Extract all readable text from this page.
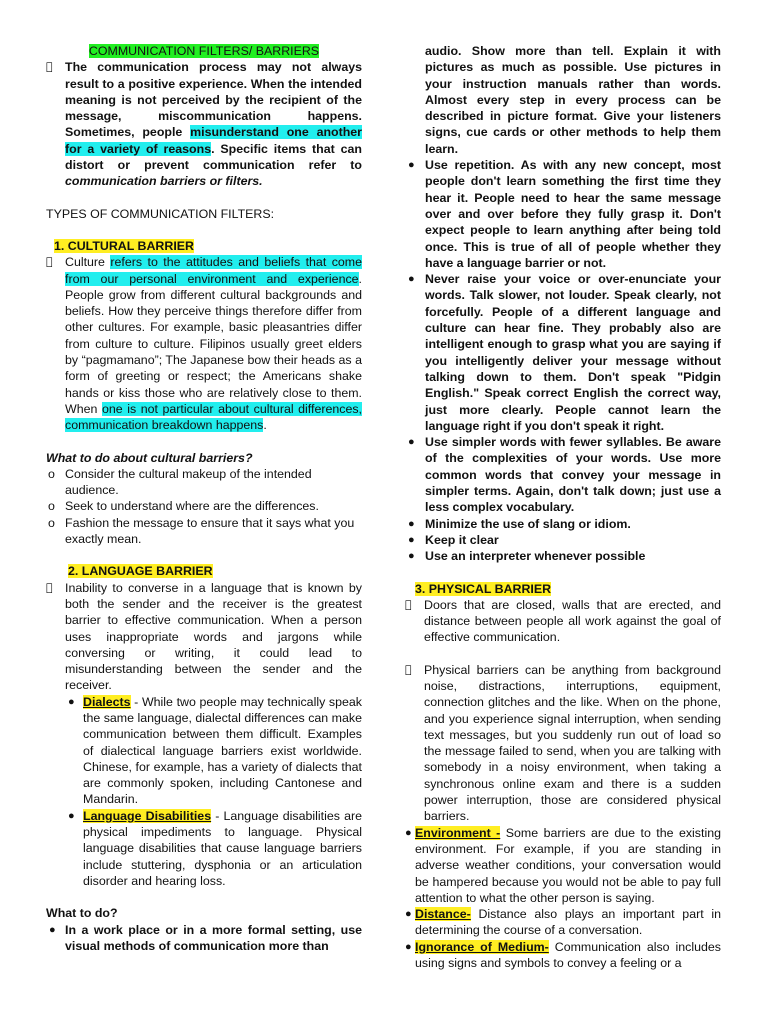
COMMUNICATION FILTERS/ BARRIERS
The communication process may not always result to a positive experience. When the intended meaning is not perceived by the recipient of the message, miscommunication happens. Sometimes, people misunderstand one another for a variety of reasons. Specific items that can distort or prevent communication refer to communication barriers or filters.
TYPES OF COMMUNICATION FILTERS:
1. CULTURAL BARRIER
Culture refers to the attitudes and beliefs that come from our personal environment and experience. People grow from different cultural backgrounds and beliefs. How they perceive things therefore differ from other cultures. For example, basic pleasantries differ from culture to culture. Filipinos usually greet elders by “pagmamano”; The Japanese bow their heads as a form of greeting or respect; the Americans shake hands or kiss those who are relatively close to them. When one is not particular about cultural differences, communication breakdown happens.
What to do about cultural barriers?
o Consider the cultural makeup of the intended audience.
o Seek to understand where are the differences.
o Fashion the message to ensure that it says what you exactly mean.
2. LANGUAGE BARRIER
Inability to converse in a language that is known by both the sender and the receiver is the greatest barrier to effective communication. When a person uses inappropriate words and jargons while conversing or writing, it could lead to misunderstanding between the sender and the receiver.
● Dialects - While two people may technically speak the same language, dialectal differences can make communication between them difficult. Examples of dialectical language barriers exist worldwide. Chinese, for example, has a variety of dialects that are commonly spoken, including Cantonese and Mandarin.
● Language Disabilities - Language disabilities are physical impediments to language. Physical language disabilities that cause language barriers include stuttering, dysphonia or an articulation disorder and hearing loss.
What to do?
● In a work place or in a more formal setting, use visual methods of communication more than
audio. Show more than tell. Explain it with pictures as much as possible. Use pictures in your instruction manuals rather than words. Almost every step in every process can be described in picture format. Give your listeners signs, cue cards or other methods to help them learn.
● Use repetition. As with any new concept, most people don't learn something the first time they hear it. People need to hear the same message over and over before they fully grasp it. Don't expect people to learn anything after being told once. This is true of all of people whether they have a language barrier or not.
● Never raise your voice or over-enunciate your words. Talk slower, not louder. Speak clearly, not forcefully. People of a different language and culture can hear fine. They probably also are intelligent enough to grasp what you are saying if you intelligently deliver your message without talking down to them. Don't speak "Pidgin English." Speak correct English the correct way, just more clearly. People cannot learn the language right if you don't speak it right.
● Use simpler words with fewer syllables. Be aware of the complexities of your words. Use more common words that convey your message in simpler terms. Again, don't talk down; just use a less complex vocabulary.
● Minimize the use of slang or idiom.
● Keep it clear
● Use an interpreter whenever possible
3. PHYSICAL BARRIER
Doors that are closed, walls that are erected, and distance between people all work against the goal of effective communication.
Physical barriers can be anything from background noise, distractions, interruptions, equipment, connection glitches and the like. When on the phone, and you experience signal interruption, when sending text messages, but you suddenly run out of load so the message failed to send, when you are talking with somebody in a noisy environment, when taking a synchronous online exam and there is a sudden power interruption, those are considered physical barriers.
● Environment - Some barriers are due to the existing environment. For example, if you are standing in adverse weather conditions, your conversation would be hampered because you would not be able to pay full attention to what the other person is saying.
● Distance- Distance also plays an important part in determining the course of a conversation.
● Ignorance of Medium- Communication also includes using signs and symbols to convey a feeling or a
